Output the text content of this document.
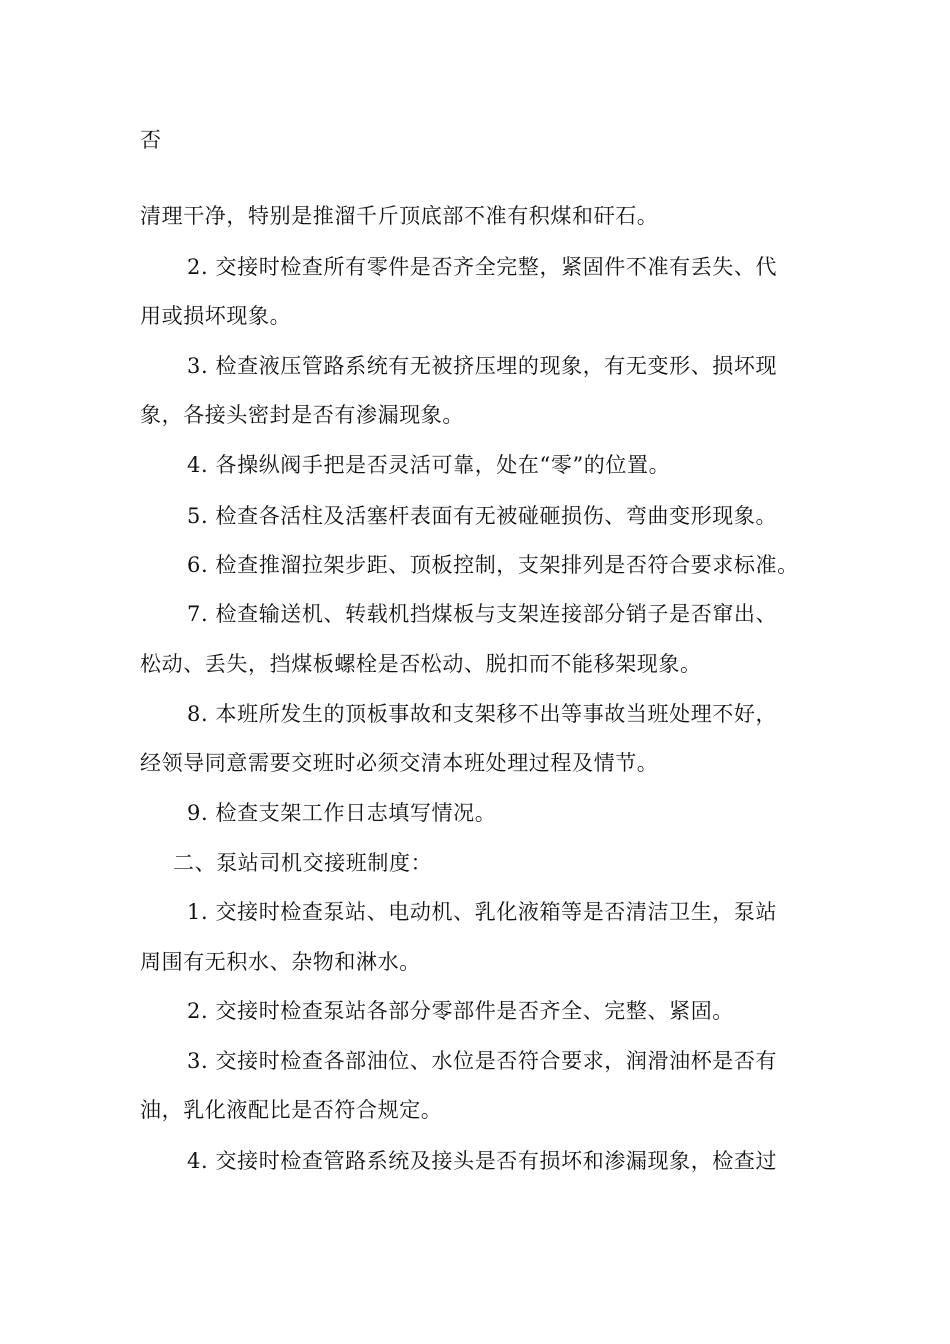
否
清理干净，特别是推溜千斤顶底部不准有积煤和矸石。
2. 交接时检查所有零件是否齐全完整，紧固件不准有丢失、代
用或损坏现象。
3. 检查液压管路系统有无被挤压埋的现象，有无变形、损坏现
象，各接头密封是否有渗漏现象。
4. 各操纵阀手把是否灵活可靠，处在“零”的位置。
5. 检查各活柱及活塞杆表面有无被碰砸损伤、弯曲变形现象。
6. 检查推溜拉架步距、顶板控制，支架排列是否符合要求标准。
7. 检查输送机、转载机挡煤板与支架连接部分销子是否窜出、
松动、丢失，挡煤板螺栓是否松动、脱扣而不能移架现象。
8. 本班所发生的顶板事故和支架移不出等事故当班处理不好，
经领导同意需要交班时必须交清本班处理过程及情节。
9. 检查支架工作日志填写情况。
二、泵站司机交接班制度：
1. 交接时检查泵站、电动机、乳化液箱等是否清洁卫生，泵站
周围有无积水、杂物和淋水。
2. 交接时检查泵站各部分零部件是否齐全、完整、紧固。
3. 交接时检查各部油位、水位是否符合要求，润滑油杯是否有
油，乳化液配比是否符合规定。
4. 交接时检查管路系统及接头是否有损坏和渗漏现象，检查过
